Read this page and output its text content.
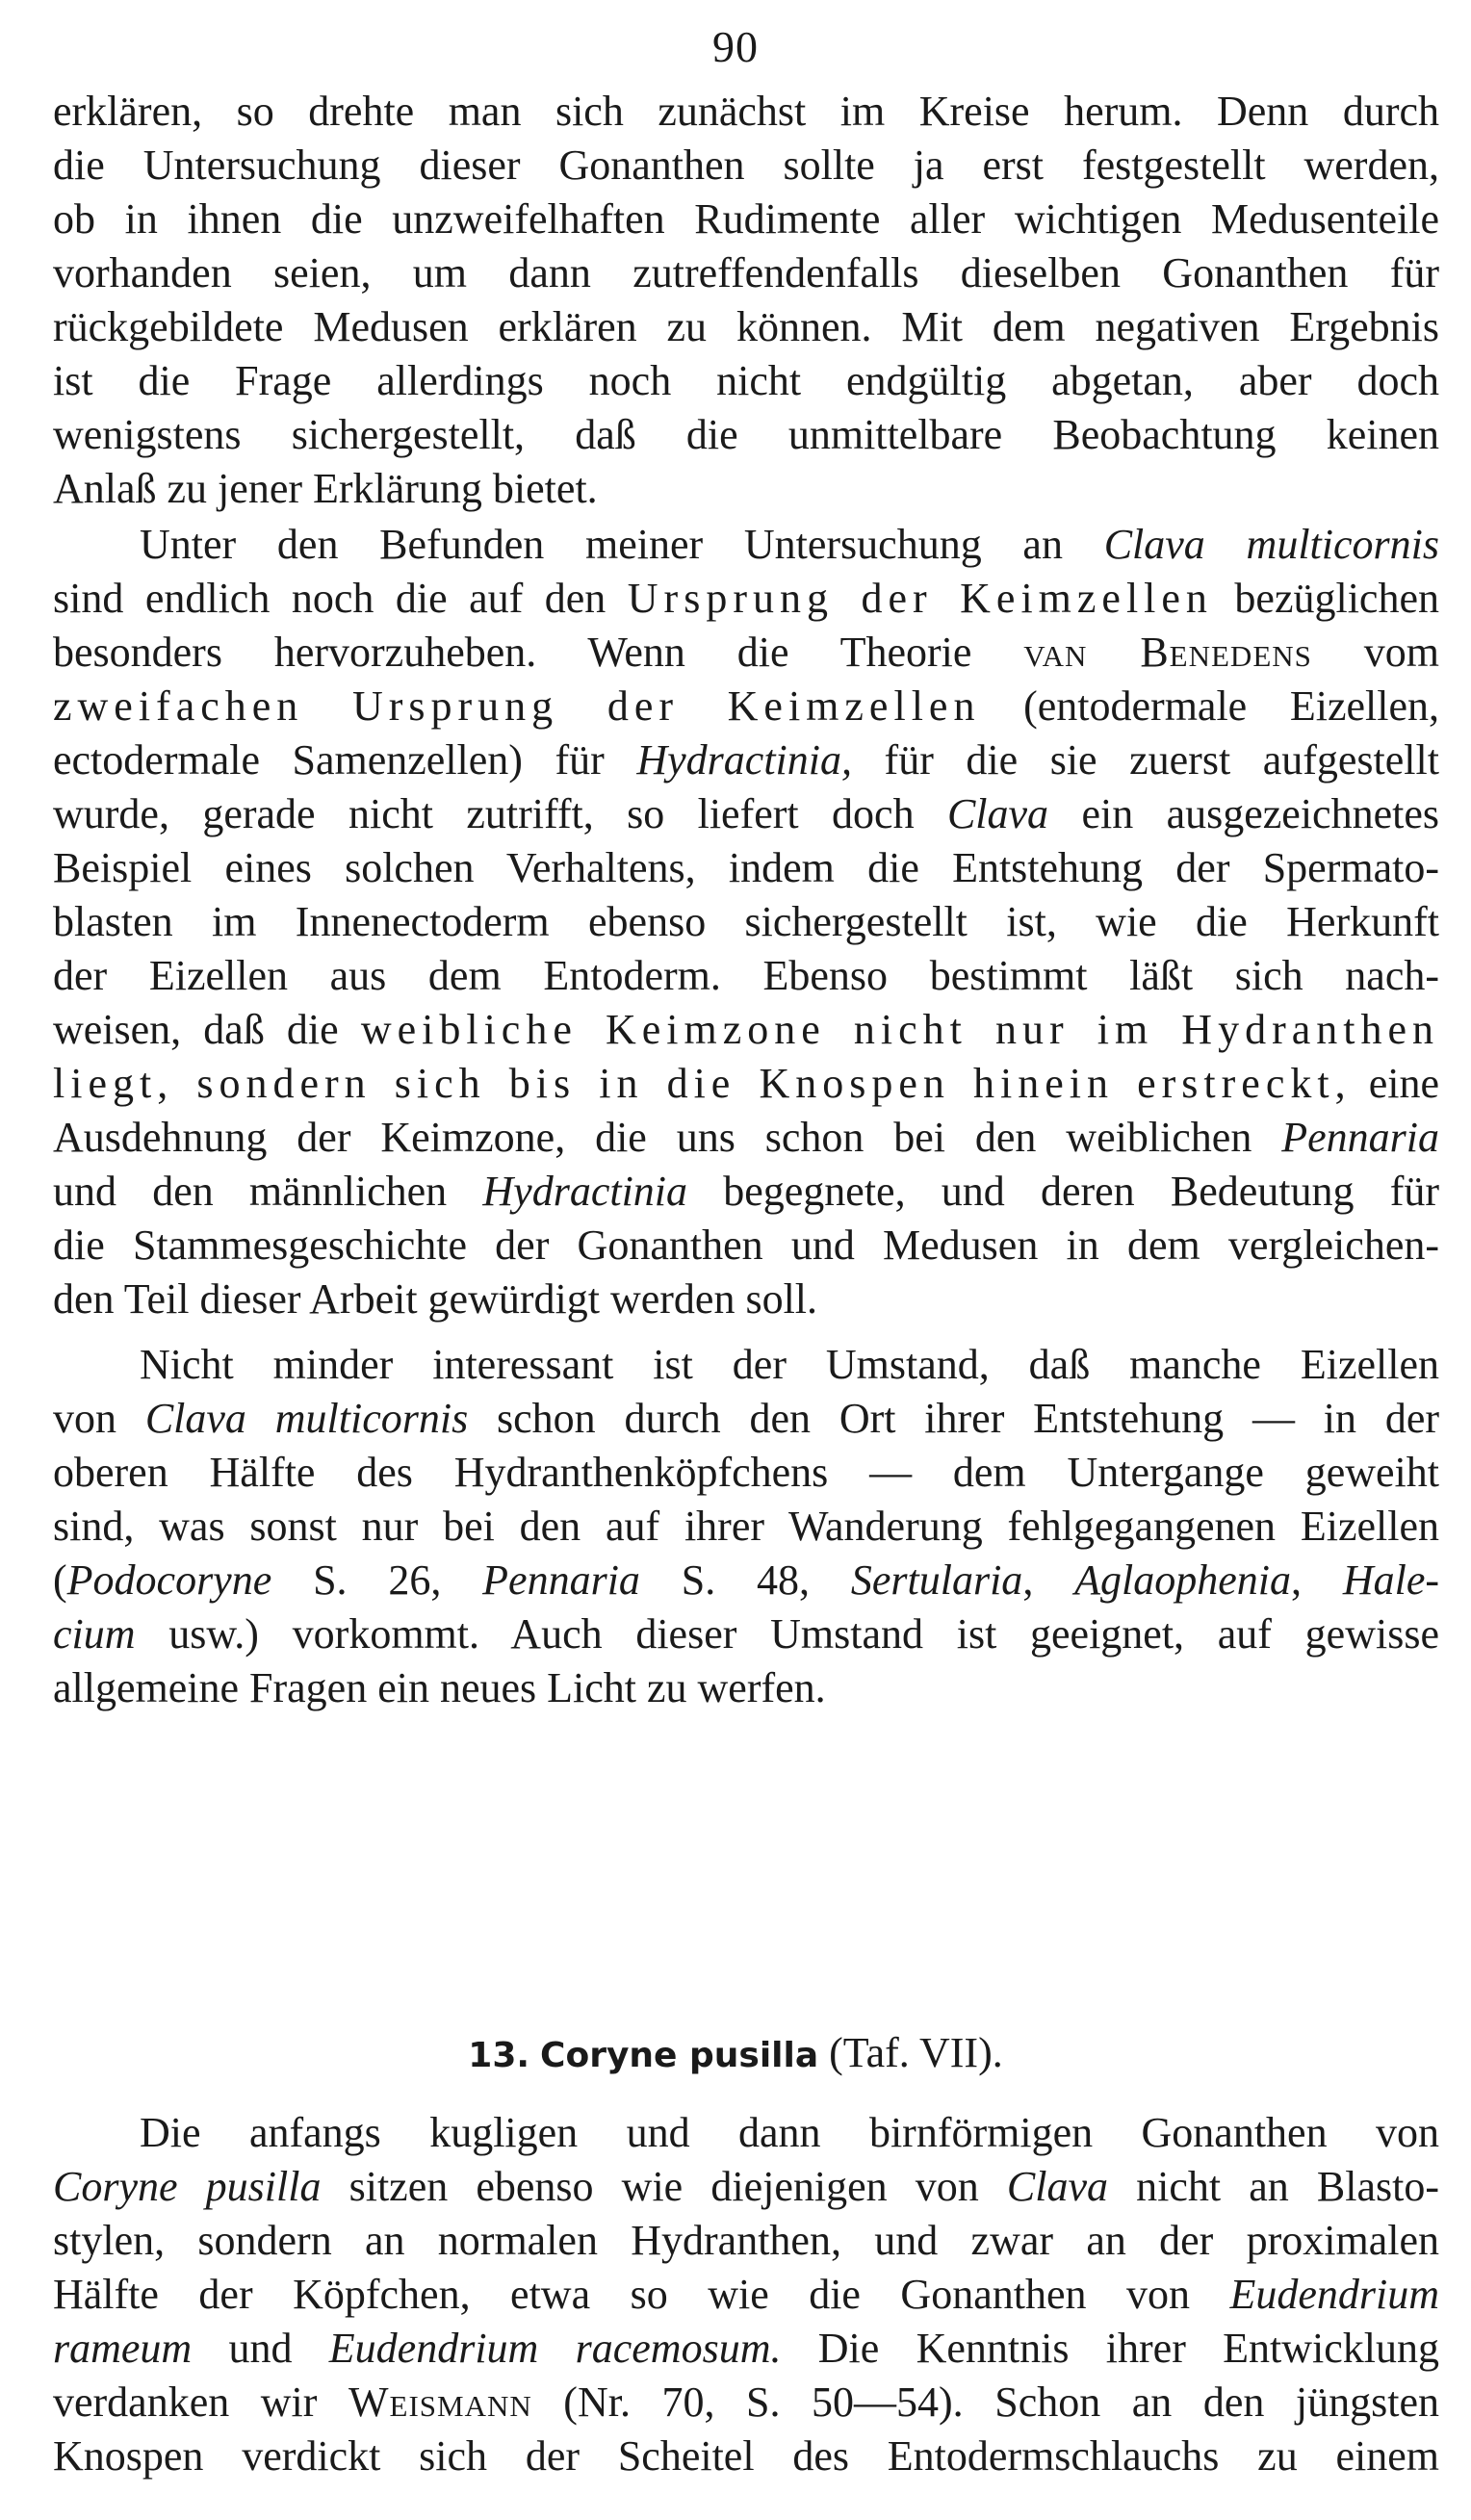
90
erklären, so drehte man sich zunächst im Kreise herum. Denn durch
die Untersuchung dieser Gonanthen sollte ja erst festgestellt werden,
ob in ihnen die unzweifelhaften Rudimente aller wichtigen Medusenteile
vorhanden seien, um dann zutreffendenfalls dieselben Gonanthen für
rückgebildete Medusen erklären zu können. Mit dem negativen Ergebnis
ist die Frage allerdings noch nicht endgültig abgetan, aber doch
wenigstens sichergestellt, daß die unmittelbare Beobachtung keinen
Anlaß zu jener Erklärung bietet.
Unter den Befunden meiner Untersuchung an Clava multicornis
sind endlich noch die auf den Ursprung der Keimzellen bezüglichen
besonders hervorzuheben. Wenn die Theorie van Benedens vom
zweifachen Ursprung der Keimzellen (entodermale Eizellen,
ectodermale Samenzellen) für Hydractinia, für die sie zuerst aufgestellt
wurde, gerade nicht zutrifft, so liefert doch Clava ein ausgezeichnetes
Beispiel eines solchen Verhaltens, indem die Entstehung der Spermato-
blasten im Innenectoderm ebenso sichergestellt ist, wie die Herkunft
der Eizellen aus dem Entoderm. Ebenso bestimmt läßt sich nach-
weisen, daß die weibliche Keimzone nicht nur im Hydranthen
liegt, sondern sich bis in die Knospen hinein erstreckt, eine
Ausdehnung der Keimzone, die uns schon bei den weiblichen Pennaria
und den männlichen Hydractinia begegnete, und deren Bedeutung für
die Stammesgeschichte der Gonanthen und Medusen in dem vergleichen-
den Teil dieser Arbeit gewürdigt werden soll.
Nicht minder interessant ist der Umstand, daß manche Eizellen
von Clava multicornis schon durch den Ort ihrer Entstehung — in der
oberen Hälfte des Hydranthenköpfchens — dem Untergange geweiht
sind, was sonst nur bei den auf ihrer Wanderung fehlgegangenen Eizellen
(Podocoryne S. 26, Pennaria S. 48, Sertularia, Aglaophenia, Hale-
cium usw.) vorkommt. Auch dieser Umstand ist geeignet, auf gewisse
allgemeine Fragen ein neues Licht zu werfen.
13. Coryne pusilla (Taf. VII).
Die anfangs kugligen und dann birnförmigen Gonanthen von
Coryne pusilla sitzen ebenso wie diejenigen von Clava nicht an Blasto-
stylen, sondern an normalen Hydranthen, und zwar an der proximalen
Hälfte der Köpfchen, etwa so wie die Gonanthen von Eudendrium
rameum und Eudendrium racemosum. Die Kenntnis ihrer Entwicklung
verdanken wir Weismann (Nr. 70, S. 50—54). Schon an den jüngsten
Knospen verdickt sich der Scheitel des Entodermschlauchs zu einem
